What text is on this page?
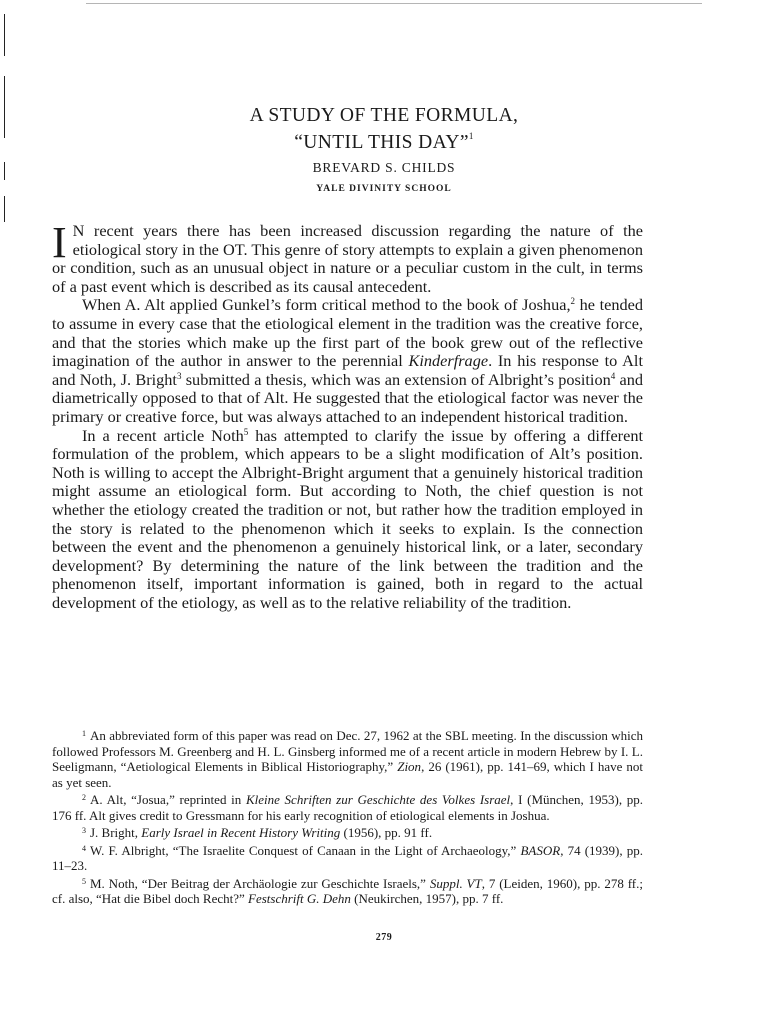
A STUDY OF THE FORMULA,
“UNTIL THIS DAY”$^1$
BREVARD S. CHILDS
YALE DIVINITY SCHOOL

I N recent years there has been increased discussion regarding the nature of the etiological story in the OT. This genre of story attempts to explain a given phenomenon or condition, such as an unusual object in nature or a peculiar custom in the cult, in terms of a past event which is described as its causal antecedent.

When A. Alt applied Gunkel’s form critical method to the book of Joshua,$^2$ he tended to assume in every case that the etiological element in the tradition was the creative force, and that the stories which make up the first part of the book grew out of the reflective imagination of the author in answer to the perennial Kinderfrage. In his response to Alt and Noth, J. Bright$^3$ submitted a thesis, which was an extension of Albright’s position$^4$ and diametrically opposed to that of Alt. He suggested that the etiological factor was never the primary or creative force, but was always attached to an independent historical tradition.

In a recent article Noth$^5$ has attempted to clarify the issue by offering a different formulation of the problem, which appears to be a slight modification of Alt’s position. Noth is willing to accept the Albright-Bright argument that a genuinely historical tradition might assume an etiological form. But according to Noth, the chief question is not whether the etiology created the tradition or not, but rather how the tradition employed in the story is related to the phenomenon which it seeks to explain. Is the connection between the event and the phenomenon a genuinely historical link, or a later, secondary development? By determining the nature of the link between the tradition and the phenomenon itself, important information is gained, both in regard to the actual development of the etiology, as well as to the relative reliability of the tradition.

$^1$ An abbreviated form of this paper was read on Dec. 27, 1962 at the SBL meeting. In the discussion which followed Professors M. Greenberg and H. L. Ginsberg informed me of a recent article in modern Hebrew by I. L. Seeligmann, “Aetiological Elements in Biblical Historiography,” Zion, 26 (1961), pp. 141–69, which I have not as yet seen.

$^2$ A. Alt, “Josua,” reprinted in Kleine Schriften zur Geschichte des Volkes Israel, I (München, 1953), pp. 176 ff. Alt gives credit to Gressmann for his early recognition of etiological elements in Joshua.

$^3$ J. Bright, Early Israel in Recent History Writing (1956), pp. 91 ff.

$^4$ W. F. Albright, “The Israelite Conquest of Canaan in the Light of Archaeology,” BASOR, 74 (1939), pp. 11–23.

$^5$ M. Noth, “Der Beitrag der Archäologie zur Geschichte Israels,” Suppl. VT, 7 (Leiden, 1960), pp. 278 ff.; cf. also, “Hat die Bibel doch Recht?” Festschrift G. Dehn (Neukirchen, 1957), pp. 7 ff.

279
